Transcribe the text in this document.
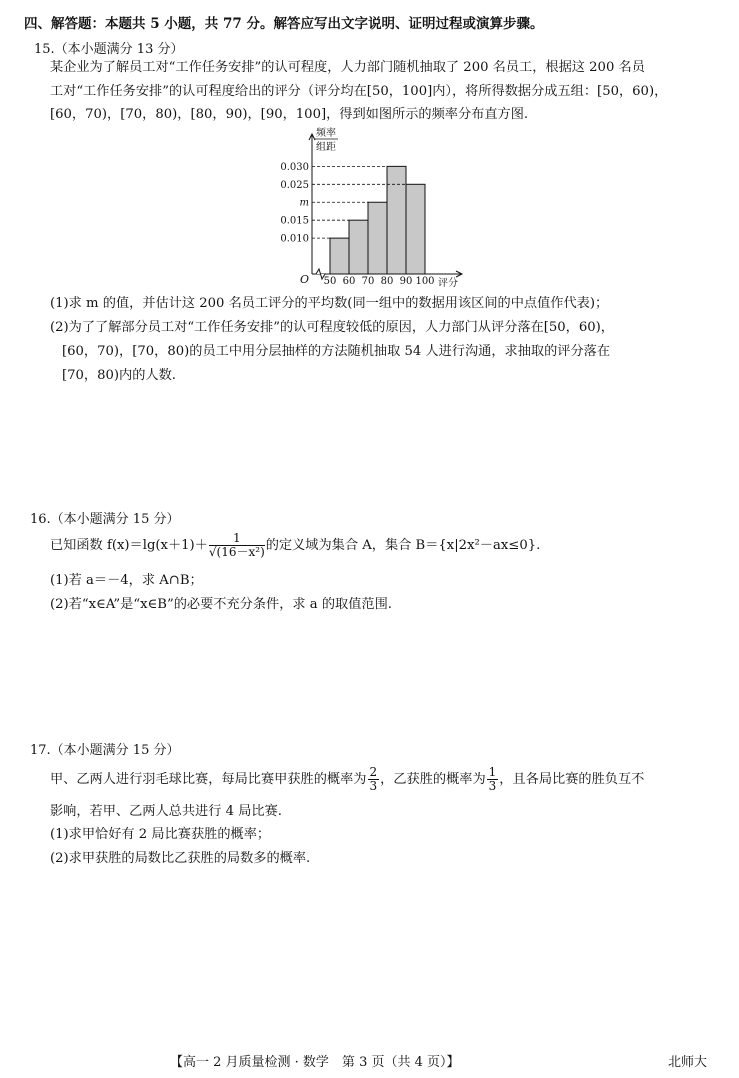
四、解答题：本题共 5 小题，共 77 分。解答应写出文字说明、证明过程或演算步骤。
15.（本小题满分 13 分）
某企业为了解员工对“工作任务安排”的认可程度，人力部门随机抽取了 200 名员工，根据这 200 名员
工对“工作任务安排”的认可程度给出的评分（评分均在[50，100]内），将所得数据分成五组：[50，60)，
[60，70)，[70，80)，[80，90)，[90，100]，得到如图所示的频率分布直方图.
频率
组距
O
0.010
0.015
m
0.025
0.030
50 60 70 80 90 100 评分
(1)求 m 的值，并估计这 200 名员工评分的平均数(同一组中的数据用该区间的中点值作代表)；
(2)为了了解部分员工对“工作任务安排”的认可程度较低的原因，人力部门从评分落在[50，60)，
[60，70)，[70，80)的员工中用分层抽样的方法随机抽取 54 人进行沟通，求抽取的评分落在
[70，80)内的人数.
16.（本小题满分 15 分）
已知函数 $f(x)=\lg(x+1)+ \frac{1}{\text{√(16－x²)}}$ 的定义域为集合 A，集合 B＝{x|2x²－ax≤0}.
(1)若 a＝－4，求 A∩B；
(2)若“x∈A”是“x∈B”的必要不充分条件，求 a 的取值范围.
17.（本小题满分 15 分）
甲、乙两人进行羽毛球比赛，每局比赛甲获胜的概率为 $\frac{2}{3}$ ，乙获胜的概率为 $\frac{1}{3}$ ，且各局比赛的胜负互不
影响，若甲、乙两人总共进行 4 局比赛.
(1)求甲恰好有 2 局比赛获胜的概率；
(2)求甲获胜的局数比乙获胜的局数多的概率.
【高一 2 月质量检测 · 数学　第 3 页（共 4 页）】	北师大
